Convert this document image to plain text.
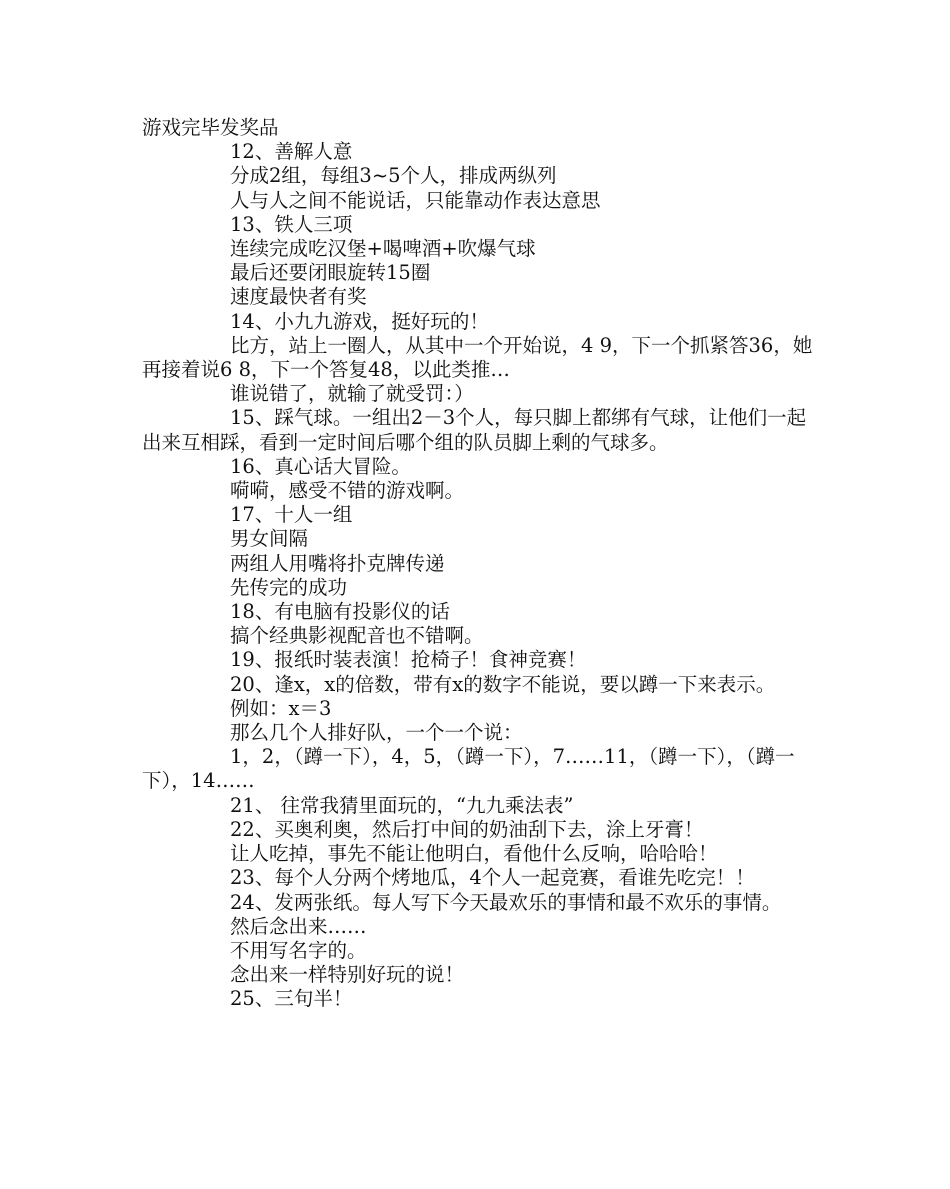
游戏完毕发奖品

12、善解人意

分成2组，每组3~5个人，排成两纵列

人与人之间不能说话，只能靠动作表达意思

13、铁人三项

连续完成吃汉堡+喝啤酒+吹爆气球

最后还要闭眼旋转15圈

速度最快者有奖

14、小九九游戏，挺好玩的！

比方，站上一圈人，从其中一个开始说，4 9，下一个抓紧答36，她再接着说6 8，下一个答复48，以此类推…

谁说错了，就输了就受罚：）

15、踩气球。一组出2－3个人，每只脚上都绑有气球，让他们一起出来互相踩，看到一定时间后哪个组的队员脚上剩的气球多。

16、真心话大冒险。

嗬嗬，感受不错的游戏啊。

17、十人一组

男女间隔

两组人用嘴将扑克牌传递

先传完的成功

18、有电脑有投影仪的话

搞个经典影视配音也不错啊。

19、报纸时装表演！抢椅子！食神竞赛！

20、逢x，x的倍数，带有x的数字不能说，要以蹲一下来表示。

例如：x＝3

那么几个人排好队，一个一个说：

1，2，（蹲一下），4，5，（蹲一下），7……11，（蹲一下），（蹲一下），14……

21、 往常我猜里面玩的，“九九乘法表”

22、买奥利奥，然后打中间的奶油刮下去，涂上牙膏！

让人吃掉，事先不能让他明白，看他什么反响，哈哈哈！

23、每个人分两个烤地瓜，4个人一起竞赛，看谁先吃完！！

24、发两张纸。每人写下今天最欢乐的事情和最不欢乐的事情。

然后念出来……

不用写名字的。

念出来一样特别好玩的说！

25、三句半！
